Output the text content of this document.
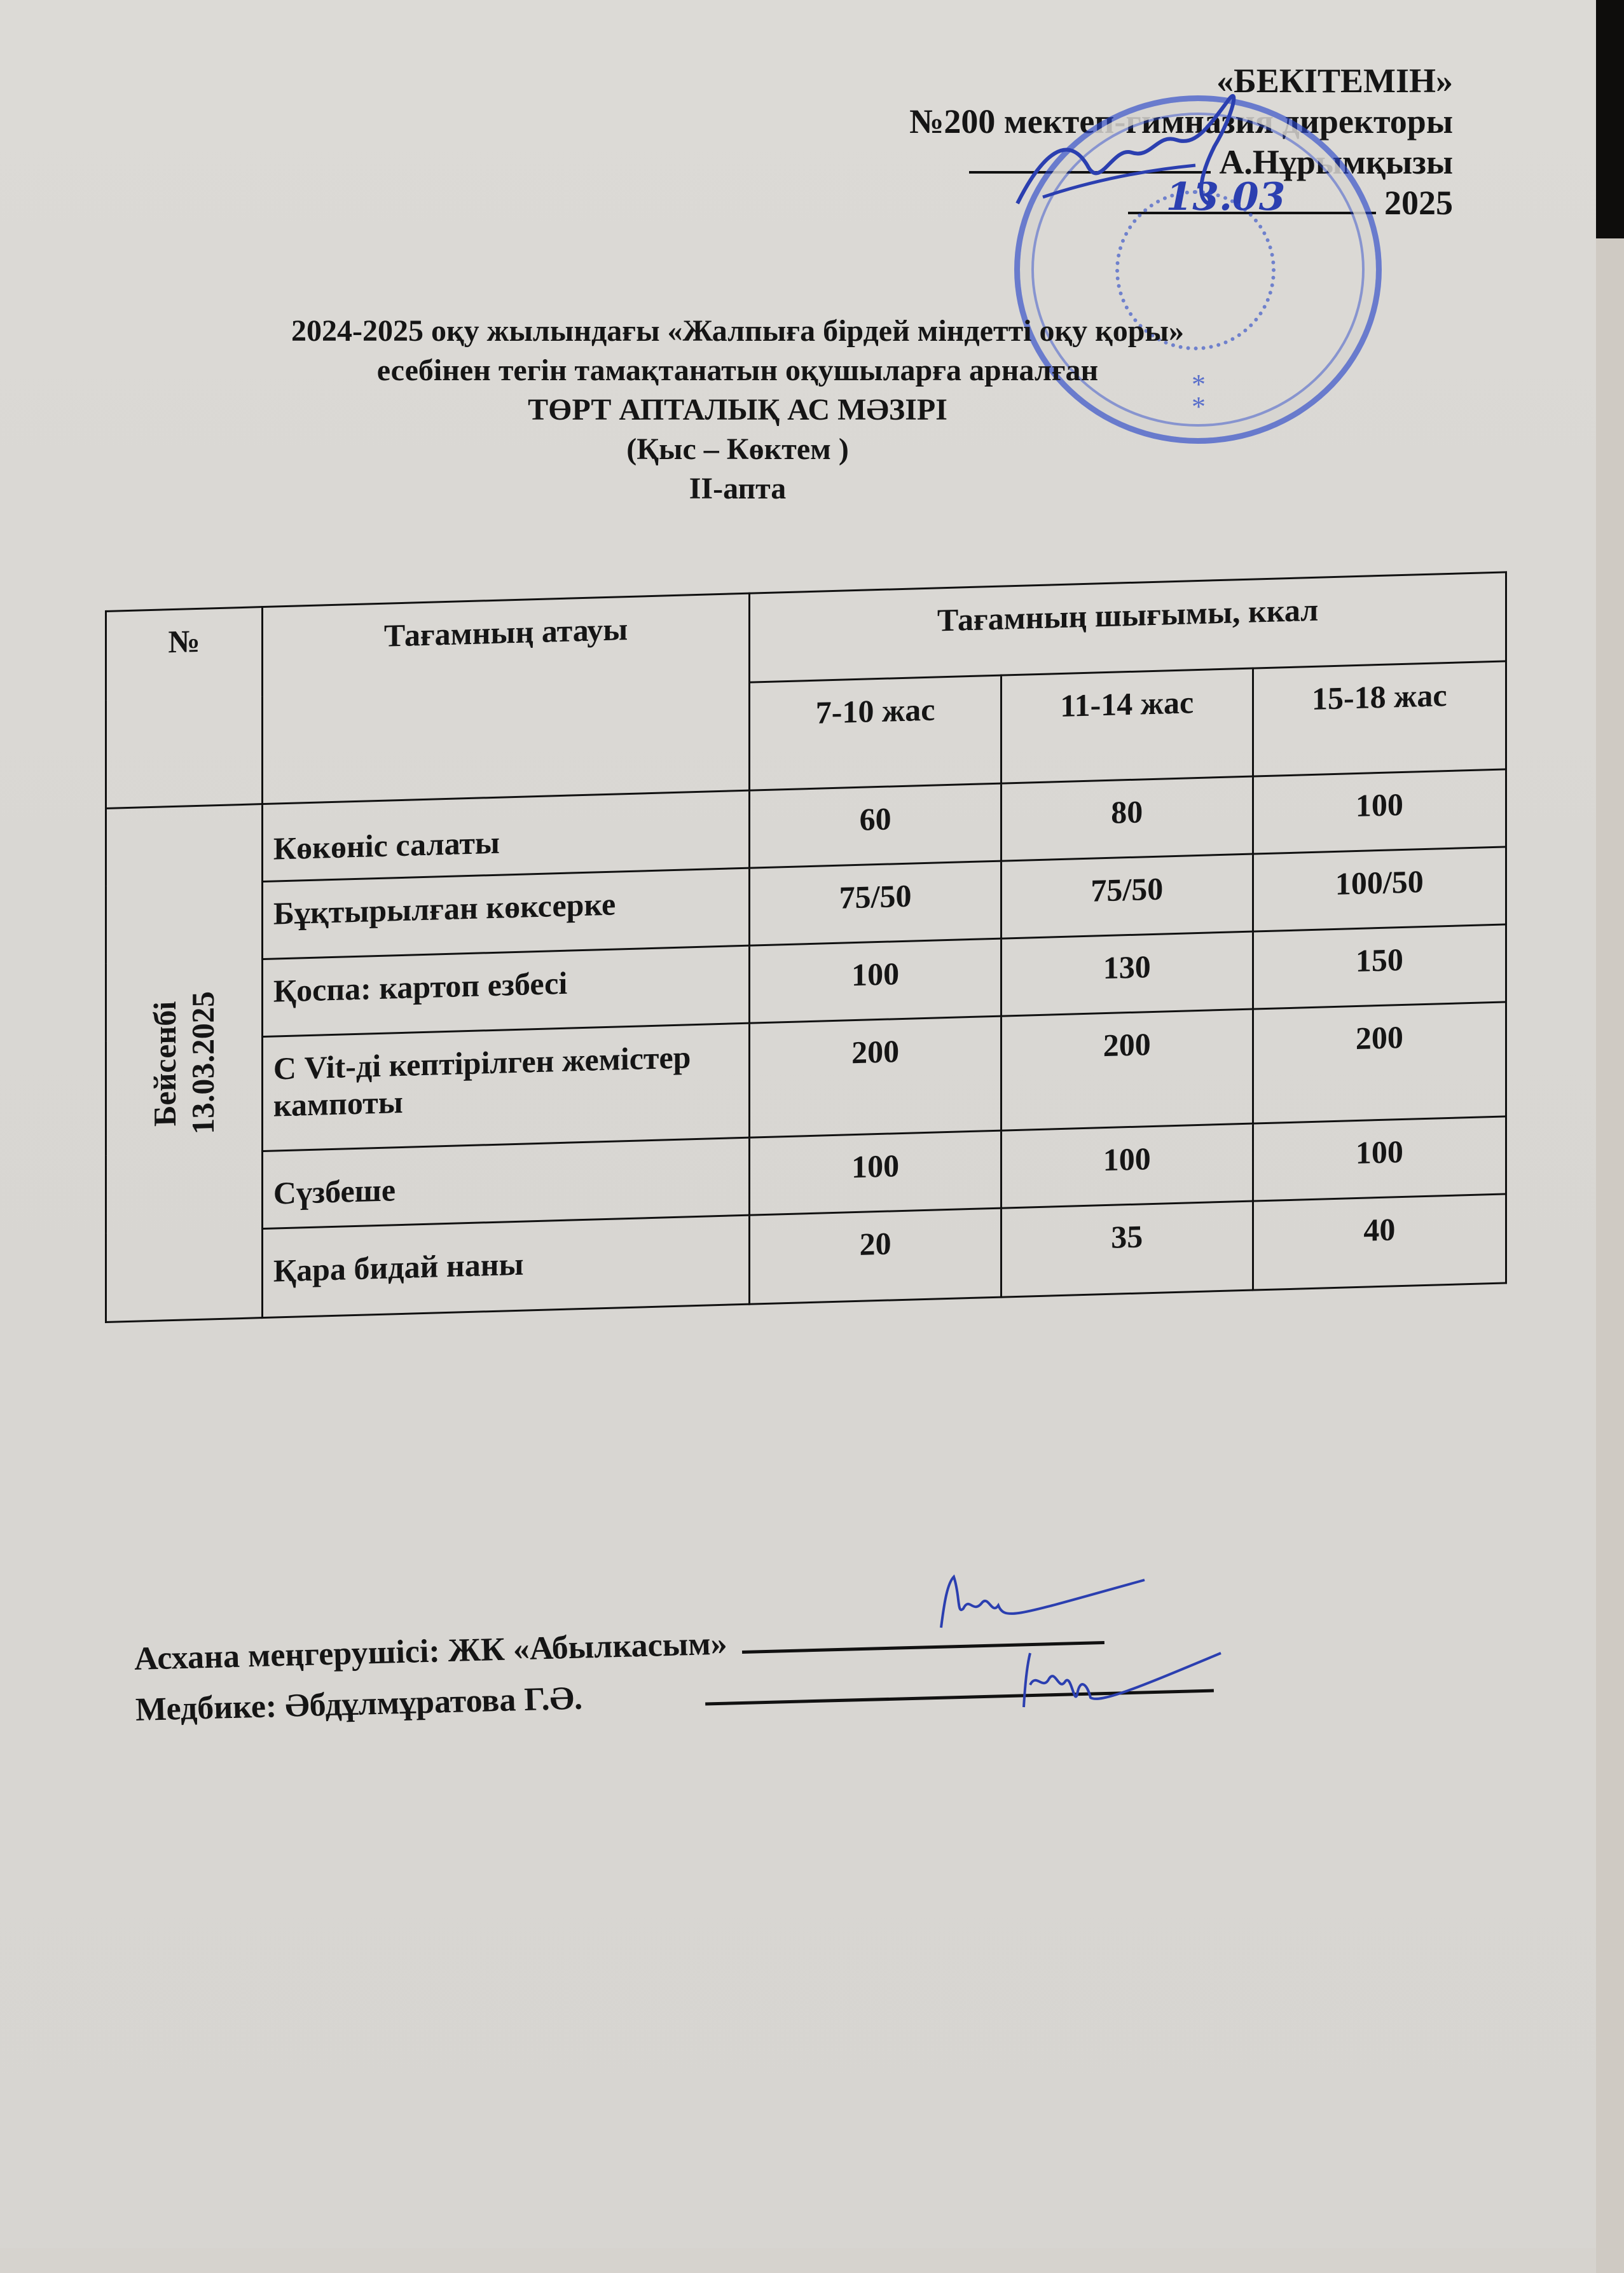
«БЕКІТЕМІН»
№200 мектеп-гимназия директоры
А.Нұрымқызы
13.03	2025
*
*
2024-2025 оқу жылындағы «Жалпыға бірдей міндетті оқу қоры»
есебінен тегін тамақтанатын оқушыларға арналған
ТӨРТ АПТАЛЫҚ АС МӘЗІРІ
(Қыс – Көктем )
ІІ-апта
№	Тағамның атауы	Тағамның шығымы, ккал		
		7-10 жас	11-14 жас	15-18 жас

Бейсенбі 13.03.2025	Көкөніс салаты	60	80	100
	Бұқтырылған көксерке	75/50	75/50	100/50
	Қоспа: картоп езбесі	100	130	150
	С Vit-ді кептірілген жемістер кампоты	200	200	200
	Сүзбеше	100	100	100
	Қара бидай наны	20	35	40
Асхана меңгерушісі: ЖК «Абылкасым»
Медбике: Әбдұлмұратова Г.Ә.
